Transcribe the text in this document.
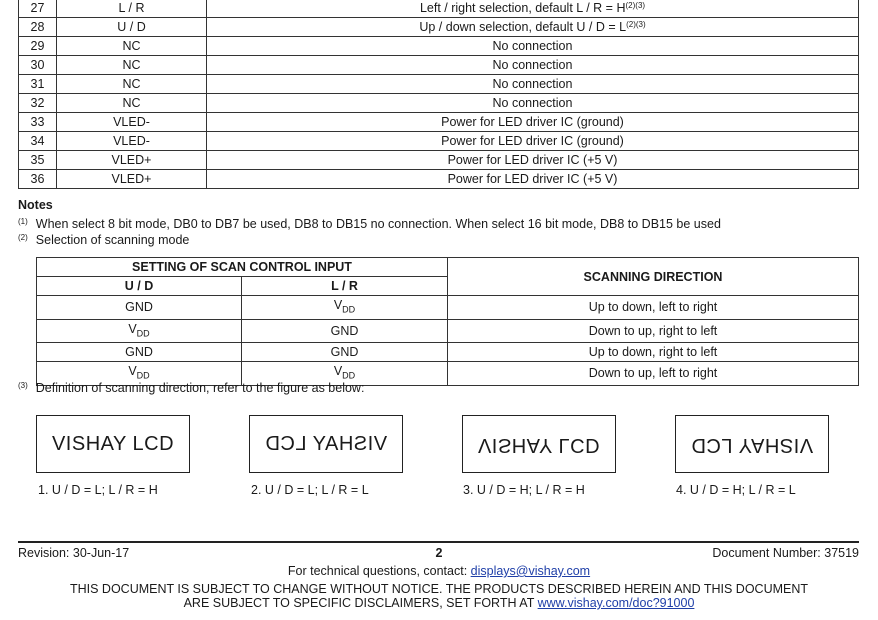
27	L / R	Left / right selection, default $L / R = H^{(2)(3)}$
28	U / D	Up / down selection, default $U / D = L^{(2)(3)}$
29	NC	No connection
30	NC	No connection
31	NC	No connection
32	NC	No connection
33	VLED-	Power for LED driver IC (ground)
34	VLED-	Power for LED driver IC (ground)
35	VLED+	Power for LED driver IC (+5 V)
36	VLED+	Power for LED driver IC (+5 V)
Notes
$^{(1)}$ When select 8 bit mode, DB0 to DB7 be used, DB8 to DB15 no connection. When select 16 bit mode, DB8 to DB15 be used
$^{(2)}$ Selection of scanning mode
SETTING OF SCAN CONTROL INPUT		SCANNING DIRECTION
U / D	L / R	
GND	$V_{DD}$	Up to down, left to right
$V_{DD}$	GND	Down to up, right to left
GND	GND	Up to down, right to left
$V_{DD}$	$V_{DD}$	Down to up, left to right
$^{(3)}$ Definition of scanning direction, refer to the figure as below:
VISHAY LCD
1. U / D = L; L / R = H
VISHAY LCD
2. U / D = L; L / R = L
VISHAY LCD
3. U / D = H; L / R = H
VISHAY LCD
4. U / D = H; L / R = L
Revision: 30-Jun-17	2	Document Number: 37519
For technical questions, contact: displays@vishay.com
THIS DOCUMENT IS SUBJECT TO CHANGE WITHOUT NOTICE. THE PRODUCTS DESCRIBED HEREIN AND THIS DOCUMENT
ARE SUBJECT TO SPECIFIC DISCLAIMERS, SET FORTH AT www.vishay.com/doc?91000
